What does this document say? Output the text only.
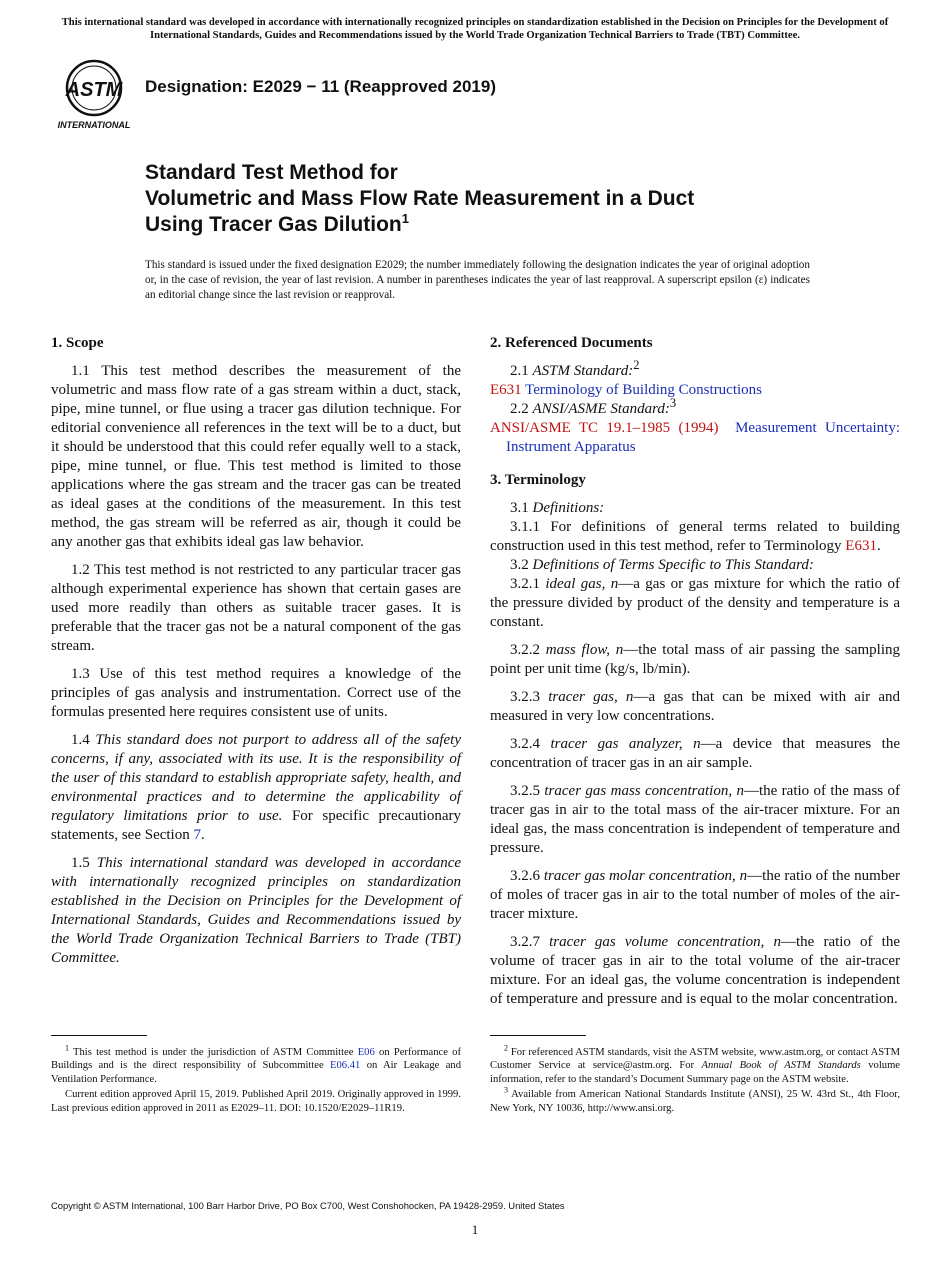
This international standard was developed in accordance with internationally recognized principles on standardization established in the Decision on Principles for the Development of International Standards, Guides and Recommendations issued by the World Trade Organization Technical Barriers to Trade (TBT) Committee.
ASTM
INTERNATIONAL
Designation: E2029 − 11 (Reapproved 2019)
Standard Test Method for
Volumetric and Mass Flow Rate Measurement in a Duct
Using Tracer Gas Dilution$^1$
This standard is issued under the fixed designation E2029; the number immediately following the designation indicates the year of original adoption or, in the case of revision, the year of last revision. A number in parentheses indicates the year of last reapproval. A superscript epsilon (ε) indicates an editorial change since the last revision or reapproval.
1. Scope

1.1 This test method describes the measurement of the volumetric and mass flow rate of a gas stream within a duct, stack, pipe, mine tunnel, or flue using a tracer gas dilution technique. For editorial convenience all references in the text will be to a duct, but it should be understood that this could refer equally well to a stack, pipe, mine tunnel, or flue. This test method is limited to those applications where the gas stream and the tracer gas can be treated as ideal gases at the conditions of the measurement. In this test method, the gas stream will be referred as air, though it could be any another gas that exhibits ideal gas law behavior.

1.2 This test method is not restricted to any particular tracer gas although experimental experience has shown that certain gases are used more readily than others as suitable tracer gases. It is preferable that the tracer gas not be a natural component of the gas stream.

1.3 Use of this test method requires a knowledge of the principles of gas analysis and instrumentation. Correct use of the formulas presented here requires consistent use of units.

1.4 This standard does not purport to address all of the safety concerns, if any, associated with its use. It is the responsibility of the user of this standard to establish appropriate safety, health, and environmental practices and to determine the applicability of regulatory limitations prior to use. For specific precautionary statements, see Section 7.

1.5 This international standard was developed in accordance with internationally recognized principles on standardization established in the Decision on Principles for the Development of International Standards, Guides and Recommendations issued by the World Trade Organization Technical Barriers to Trade (TBT) Committee.

2. Referenced Documents

2.1 ASTM Standard:$^2$

E631 Terminology of Building Constructions

2.2 ANSI/ASME Standard:$^3$

ANSI/ASME TC 19.1–1985 (1994) Measurement Uncertainty: Instrument Apparatus

3. Terminology

3.1 Definitions:

3.1.1 For definitions of general terms related to building construction used in this test method, refer to Terminology E631.

3.2 Definitions of Terms Specific to This Standard:

3.2.1 ideal gas, n—a gas or gas mixture for which the ratio of the pressure divided by product of the density and temperature is a constant.

3.2.2 mass flow, n—the total mass of air passing the sampling point per unit time (kg/s, lb/min).

3.2.3 tracer gas, n—a gas that can be mixed with air and measured in very low concentrations.

3.2.4 tracer gas analyzer, n—a device that measures the concentration of tracer gas in an air sample.

3.2.5 tracer gas mass concentration, n—the ratio of the mass of tracer gas in air to the total mass of the air-tracer mixture. For an ideal gas, the mass concentration is independent of temperature and pressure.

3.2.6 tracer gas molar concentration, n—the ratio of the number of moles of tracer gas in air to the total number of moles of the air-tracer mixture.

3.2.7 tracer gas volume concentration, n—the ratio of the volume of tracer gas in air to the total volume of the air-tracer mixture. For an ideal gas, the volume concentration is independent of temperature and pressure and is equal to the molar concentration.

$^1$ This test method is under the jurisdiction of ASTM Committee E06 on Performance of Buildings and is the direct responsibility of Subcommittee E06.41 on Air Leakage and Ventilation Performance.

Current edition approved April 15, 2019. Published April 2019. Originally approved in 1999. Last previous edition approved in 2011 as E2029–11. DOI: 10.1520/E2029–11R19.

$^2$ For referenced ASTM standards, visit the ASTM website, www.astm.org, or contact ASTM Customer Service at service@astm.org. For Annual Book of ASTM Standards volume information, refer to the standard’s Document Summary page on the ASTM website.

$^3$ Available from American National Standards Institute (ANSI), 25 W. 43rd St., 4th Floor, New York, NY 10036, http://www.ansi.org.

Copyright © ASTM International, 100 Barr Harbor Drive, PO Box C700, West Conshohocken, PA 19428-2959. United States
1
